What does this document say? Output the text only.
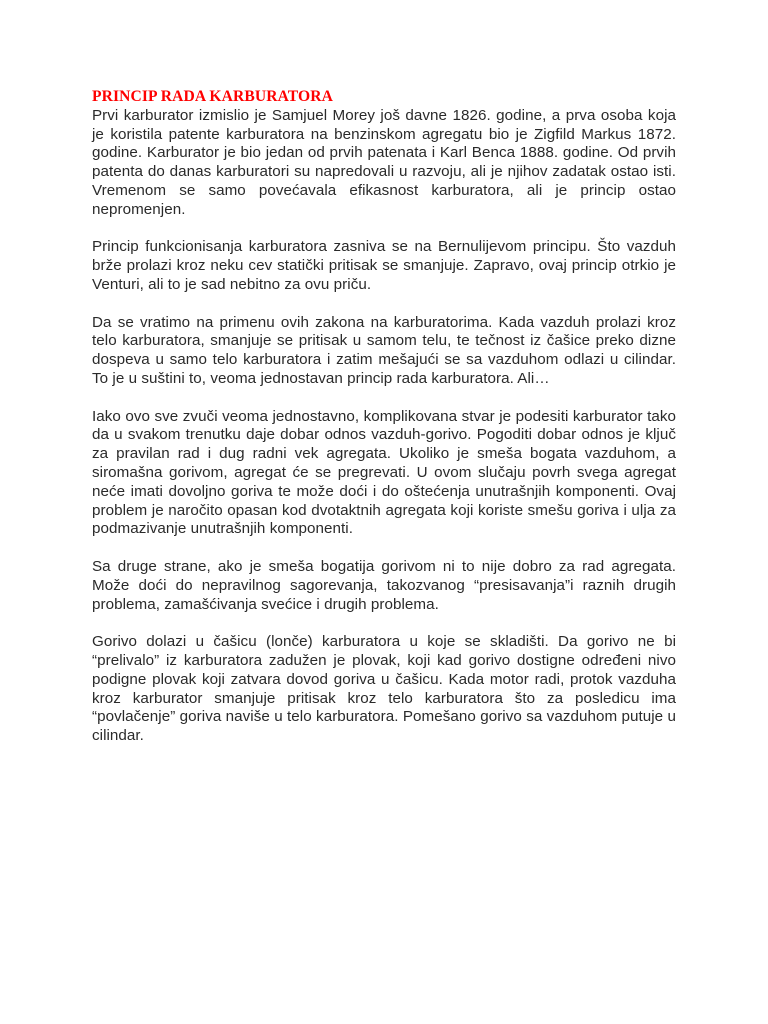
PRINCIP RADA KARBURATORA

Prvi karburator izmislio je Samjuel Morey još davne 1826. godine, a prva osoba koja je koristila patente karburatora na benzinskom agregatu bio je Zigfild Markus 1872. godine. Karburator je bio jedan od prvih patenata i Karl Benca 1888. godine. Od prvih patenta do danas karburatori su napredovali u razvoju, ali je njihov zadatak ostao isti. Vremenom se samo povećavala efikasnost karburatora, ali je princip ostao nepromenjen.

Princip funkcionisanja karburatora zasniva se na Bernulijevom principu. Što vazduh brže prolazi kroz neku cev statički pritisak se smanjuje. Zapravo, ovaj princip otrkio je Venturi, ali to je sad nebitno za ovu priču.

Da se vratimo na primenu ovih zakona na karburatorima. Kada vazduh prolazi kroz telo karburatora, smanjuje se pritisak u samom telu, te tečnost iz čašice preko dizne dospeva u samo telo karburatora i zatim mešajući se sa vazduhom odlazi u cilindar. To je u suštini to, veoma jednostavan princip rada karburatora. Ali…

Iako ovo sve zvuči veoma jednostavno, komplikovana stvar je podesiti karburator tako da u svakom trenutku daje dobar odnos vazduh-gorivo. Pogoditi dobar odnos je ključ za pravilan rad i dug radni vek agregata. Ukoliko je smeša bogata vazduhom, a siromašna gorivom, agregat će se pregrevati. U ovom slučaju povrh svega agregat neće imati dovoljno goriva te može doći i do oštećenja unutrašnjih komponenti. Ovaj problem je naročito opasan kod dvotaktnih agregata koji koriste smešu goriva i ulja za podmazivanje unutrašnjih komponenti.

Sa druge strane, ako je smeša bogatija gorivom ni to nije dobro za rad agregata. Može doći do nepravilnog sagorevanja, takozvanog “presisavanja”i raznih drugih problema, zamašćivanja svećice i drugih problema.

Gorivo dolazi u čašicu (lonče) karburatora u koje se skladišti. Da gorivo ne bi “prelivalo” iz karburatora zadužen je plovak, koji kad gorivo dostigne određeni nivo podigne plovak koji zatvara dovod goriva u čašicu. Kada motor radi, protok vazduha kroz karburator smanjuje pritisak kroz telo karburatora što za posledicu ima “povlačenje” goriva naviše u telo karburatora. Pomešano gorivo sa vazduhom putuje u cilindar.
